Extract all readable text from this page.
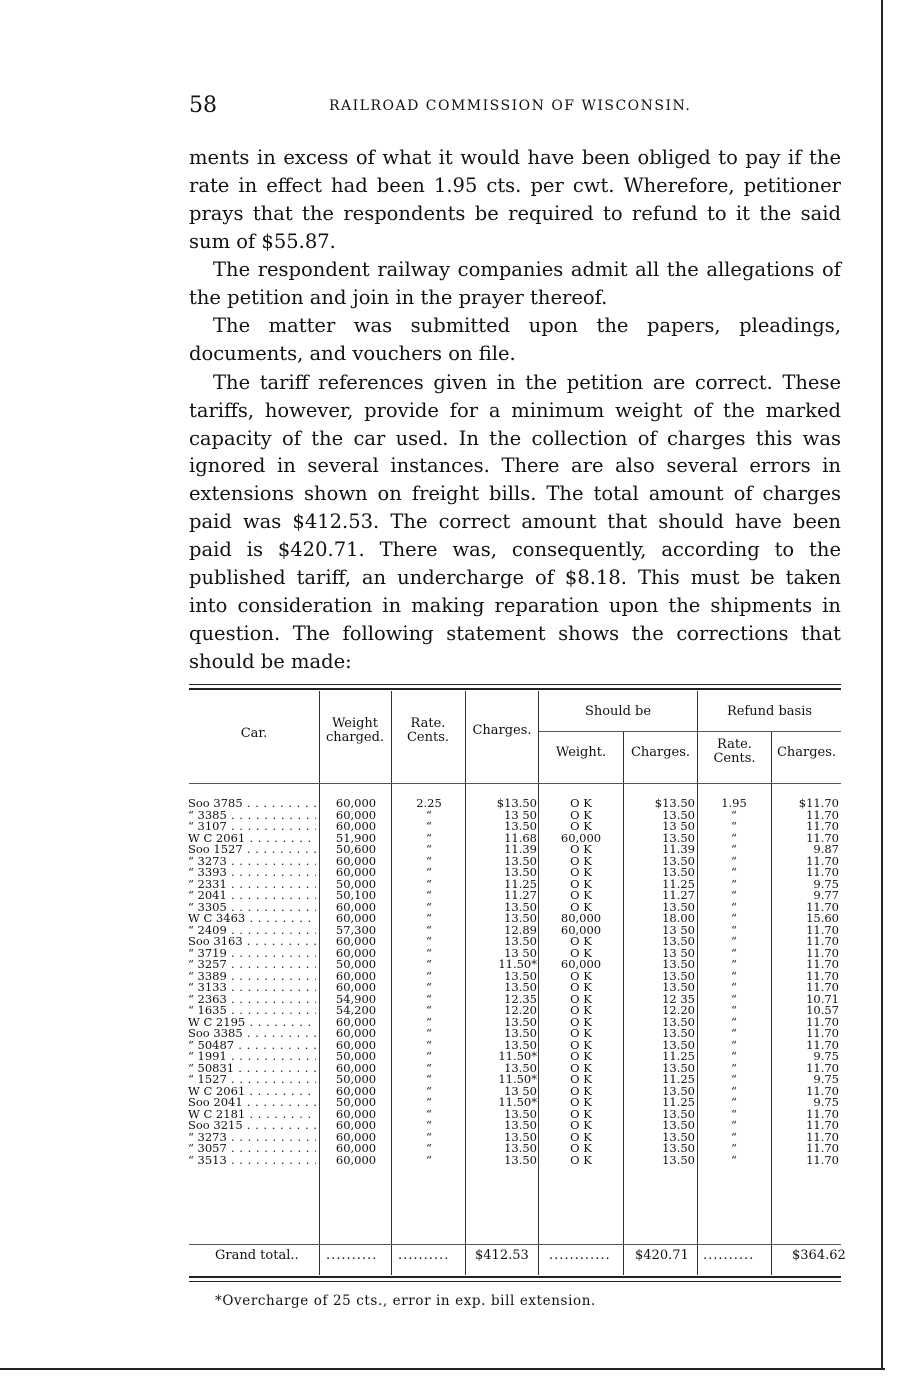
58	RAILROAD COMMISSION OF WISCONSIN.

ments in excess of what it would have been obliged to pay if the rate in effect had been 1.95 cts. per cwt. Wherefore, petitioner prays that the respondents be required to refund to it the said sum of $55.87.

The respondent railway companies admit all the allegations of the petition and join in the prayer thereof.

The matter was submitted upon the papers, pleadings, documents, and vouchers on file.

The tariff references given in the petition are correct. These tariffs, however, provide for a minimum weight of the marked capacity of the car used. In the collection of charges this was ignored in several instances. There are also several errors in extensions shown on freight bills. The total amount of charges paid was $412.53. The correct amount that should have been paid is $420.71. There was, consequently, according to the published tariff, an undercharge of $8.18. This must be taken into consideration in making reparation upon the shipments in question. The following statement shows the corrections that should be made:

Car.
Weight charged.
Rate. Cents.	Charges.
Should be
Weight.	Charges.
Refund basis
Rate. Cents.	Charges.
Soo 3785 . . .	60,000	2.25	$13.50	O K	$13.50	1.95	$11.70
“ 3385 . . .	60,000	“	13 50	O K	13.50	“	11.70
“ 3107 . . .	60,000	“	13.50	O K	13 50	“	11.70
W C 2061 . . .	51,900	“	11.68	60,000	13.50	“	11.70
Soo 1527 . . .	50,600	“	11.39	O K	11.39	“	9.87
“ 3273 . . .	60,000	“	13.50	O K	13.50	“	11.70
“ 3393 . . .	60,000	“	13.50	O K	13.50	“	11.70
“ 2331 . . .	50,000	“	11.25	O K	11.25	“	9.75
“ 2041 . . .	50,100	“	11.27	O K	11.27	“	9.77
“ 3305 . . .	60,000	“	13.50	O K	13.50	“	11.70
W C 3463 . . .	60,000	“	13.50	80,000	18.00	“	15.60
“ 2409 . . .	57,300	“	12.89	60,000	13 50	“	11.70
Soo 3163 . . .	60,000	“	13.50	O K	13.50	“	11.70
“ 3719 . . .	60,000	“	13 50	O K	13 50	“	11.70
“ 3257 . . .	50,000	“	11.50*	60,000	13.50	“	11.70
“ 3389 . . .	60,000	“	13.50	O K	13.50	“	11.70
“ 3133 . . .	60,000	“	13.50	O K	13.50	“	11.70
“ 2363 . . .	54,900	“	12.35	O K	12 35	“	10.71
“ 1635 . . .	54,200	“	12.20	O K	12.20	“	10.57
W C 2195 . . .	60,000	“	13.50	O K	13.50	“	11.70
Soo 3385 . . .	60,000	“	13.50	O K	13.50	“	11.70
“ 50487 . . .	60,000	“	13.50	O K	13.50	“	11.70
“ 1991 . . .	50,000	“	11.50*	O K	11.25	“	9.75
“ 50831 . . .	60,000	“	13.50	O K	13.50	“	11.70
“ 1527 . . .	50,000	“	11.50*	O K	11.25	“	9.75
W C 2061 . . .	60,000	“	13 50	O K	13.50	“	11.70
Soo 2041 . . .	50,000	“	11.50*	O K	11.25	“	9.75
W C 2181 . . .	60,000	“	13.50	O K	13.50	“	11.70
Soo 3215 . . .	60,000	“	13.50	O K	13.50	“	11.70
“ 3273 . . .	60,000	“	13.50	O K	13.50	“	11.70
“ 3057 . . .	60,000	“	13.50	O K	13.50	“	11.70
“ 3513 . . .	60,000	“	13.50	O K	13.50	“	11.70
Grand total.. .......... .......... $412.53 ............ $420.71 ..........	$364.62
*Overcharge of 25 cts., error in exp. bill extension.
